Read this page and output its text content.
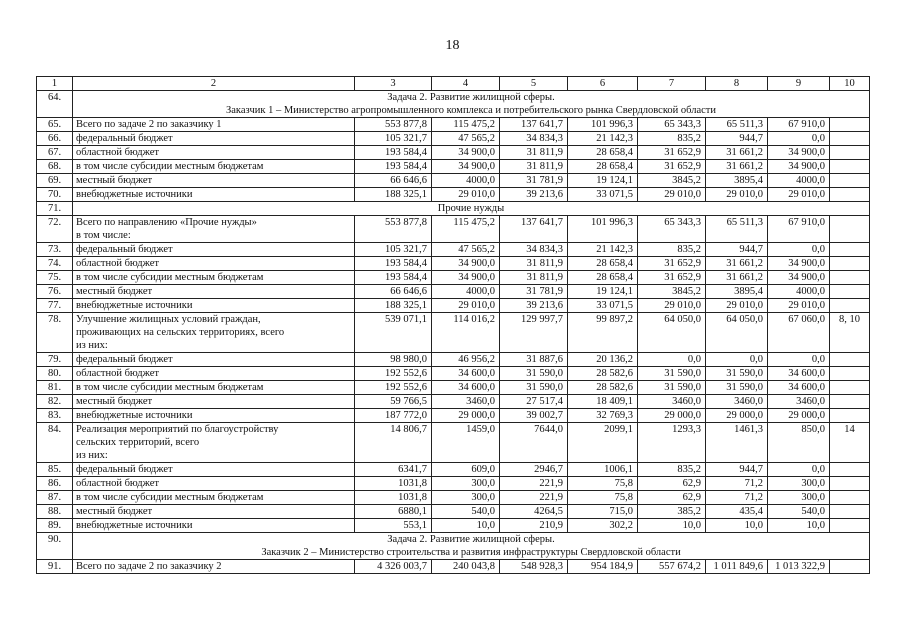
18
1	2	3	4	5	6	7	8	9	10
64.	Задача 2. Развитие жилищной сферы.
Заказчик 1 – Министерство агропромышленного комплекса и потребительского рынка Свердловской области								

65.	Всего по задаче 2 по заказчику 1	553 877,8	115 475,2	137 641,7	101 996,3	65 343,3	65 511,3	67 910,0	
66.	федеральный бюджет	105 321,7	47 565,2	34 834,3	21 142,3	835,2	944,7	0,0	
67.	областной бюджет	193 584,4	34 900,0	31 811,9	28 658,4	31 652,9	31 661,2	34 900,0	
68.	в том числе субсидии местным бюджетам	193 584,4	34 900,0	31 811,9	28 658,4	31 652,9	31 661,2	34 900,0	
69.	местный бюджет	66 646,6	4000,0	31 781,9	19 124,1	3845,2	3895,4	4000,0	
70.	внебюджетные источники	188 325,1	29 010,0	39 213,6	33 071,5	29 010,0	29 010,0	29 010,0	
71.	Прочие нужды								

72.	Всего по направлению «Прочие нужды»
в том числе:	553 877,8	115 475,2	137 641,7	101 996,3	65 343,3	65 511,3	67 910,0	
73.	федеральный бюджет	105 321,7	47 565,2	34 834,3	21 142,3	835,2	944,7	0,0	
74.	областной бюджет	193 584,4	34 900,0	31 811,9	28 658,4	31 652,9	31 661,2	34 900,0	
75.	в том числе субсидии местным бюджетам	193 584,4	34 900,0	31 811,9	28 658,4	31 652,9	31 661,2	34 900,0	
76.	местный бюджет	66 646,6	4000,0	31 781,9	19 124,1	3845,2	3895,4	4000,0	
77.	внебюджетные источники	188 325,1	29 010,0	39 213,6	33 071,5	29 010,0	29 010,0	29 010,0	
78.	Улучшение жилищных условий граждан,
проживающих на сельских территориях, всего
из них:	539 071,1	114 016,2	129 997,7	99 897,2	64 050,0	64 050,0	67 060,0	8, 10
79.	федеральный бюджет	98 980,0	46 956,2	31 887,6	20 136,2	0,0	0,0	0,0	
80.	областной бюджет	192 552,6	34 600,0	31 590,0	28 582,6	31 590,0	31 590,0	34 600,0	
81.	в том числе субсидии местным бюджетам	192 552,6	34 600,0	31 590,0	28 582,6	31 590,0	31 590,0	34 600,0	
82.	местный бюджет	59 766,5	3460,0	27 517,4	18 409,1	3460,0	3460,0	3460,0	
83.	внебюджетные источники	187 772,0	29 000,0	39 002,7	32 769,3	29 000,0	29 000,0	29 000,0	
84.	Реализация мероприятий по благоустройству
сельских территорий, всего
из них:	14 806,7	1459,0	7644,0	2099,1	1293,3	1461,3	850,0	14
85.	федеральный бюджет	6341,7	609,0	2946,7	1006,1	835,2	944,7	0,0	
86.	областной бюджет	1031,8	300,0	221,9	75,8	62,9	71,2	300,0	
87.	в том числе субсидии местным бюджетам	1031,8	300,0	221,9	75,8	62,9	71,2	300,0	
88.	местный бюджет	6880,1	540,0	4264,5	715,0	385,2	435,4	540,0	
89.	внебюджетные источники	553,1	10,0	210,9	302,2	10,0	10,0	10,0	
90.	Задача 2. Развитие жилищной сферы.
Заказчик 2 – Министерство строительства и развития инфраструктуры Свердловской области								

91.	Всего по задаче 2 по заказчику 2	4 326 003,7	240 043,8	548 928,3	954 184,9	557 674,2	1 011 849,6	1 013 322,9	
